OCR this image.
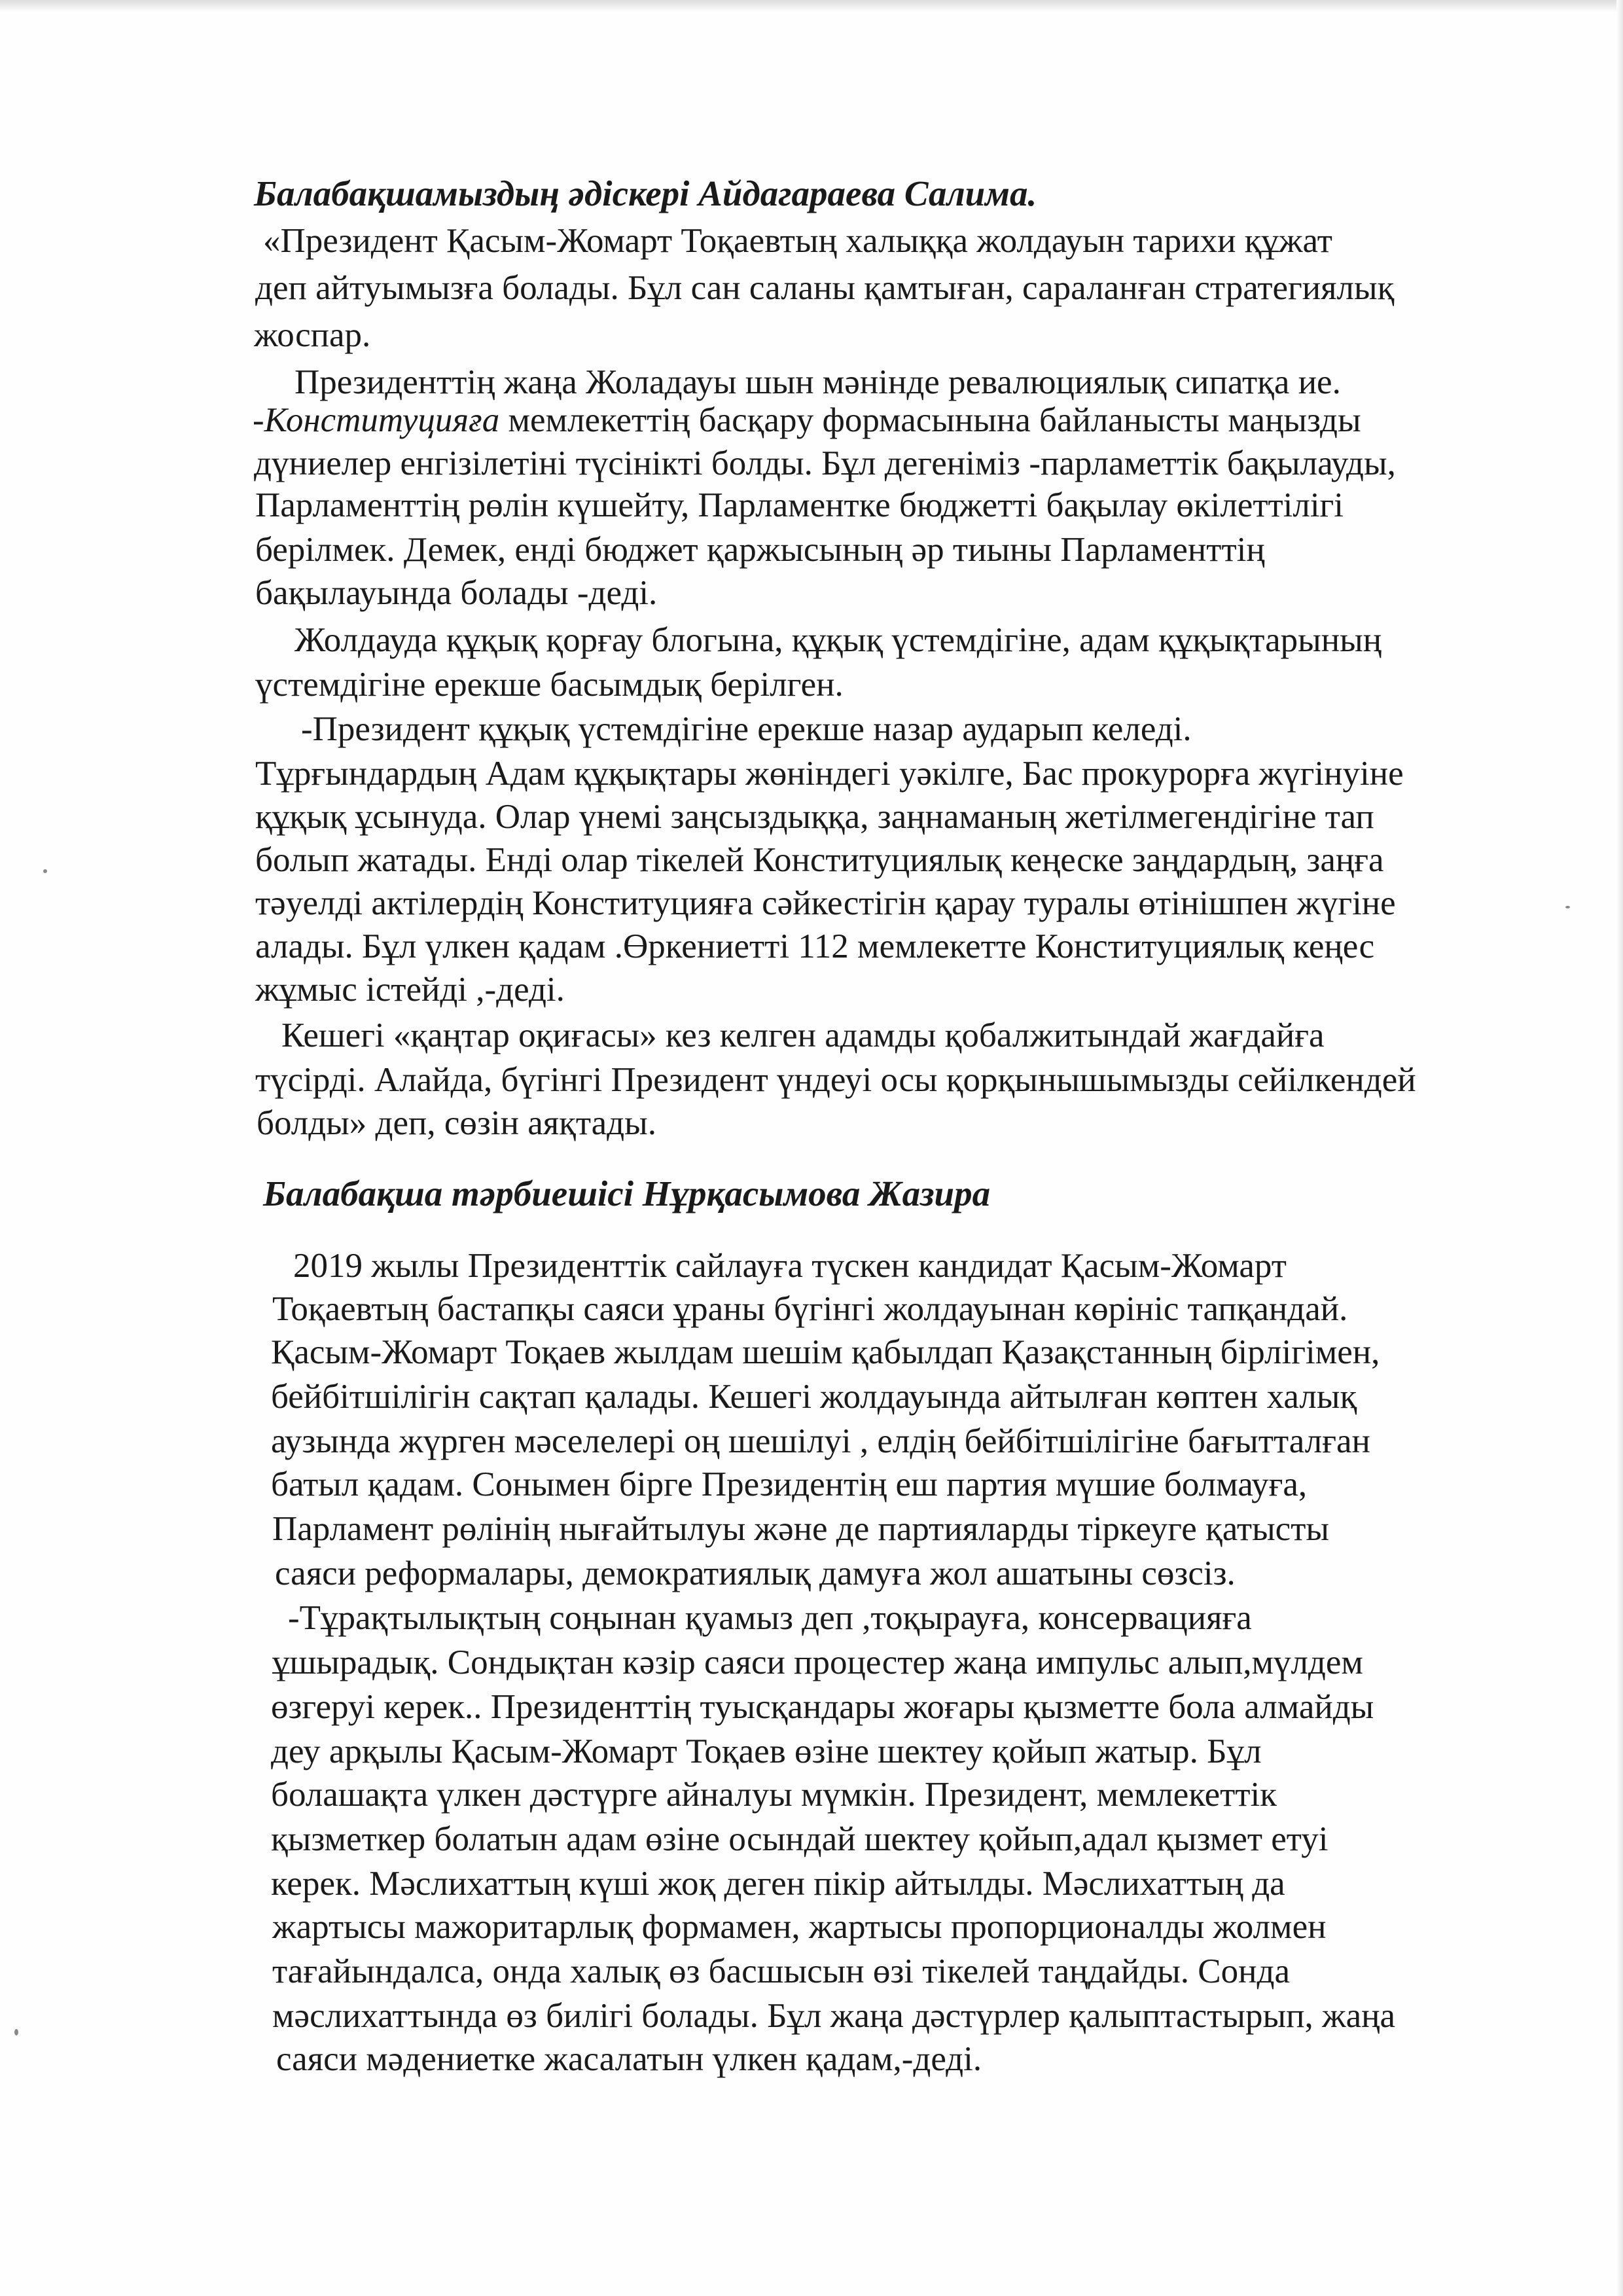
Балабақшамыздың әдіскері Айдагараева Салима.

«Президент Қасым-Жомарт Тоқаевтың халыққа жолдауын тарихи құжат

деп айтуымызға болады. Бұл сан саланы қамтыған, сараланған стратегиялық

жоспар.

Президенттің жаңа Жоладауы шын мәнінде ревалюциялық сипатқа ие.

-Конституцияға мемлекеттің басқару формасынына байланысты маңызды

дүниелер енгізілетіні түсінікті болды. Бұл дегеніміз -парламеттік бақылауды,

Парламенттің рөлін күшейту, Парламентке бюджетті бақылау өкілеттілігі

берілмек. Демек, енді бюджет қаржысының әр тиыны Парламенттің

бақылауында болады -деді.

Жолдауда құқық қорғау блогына, құқық үстемдігіне, адам құқықтарының

үстемдігіне ерекше басымдық берілген.

-Президент құқық үстемдігіне ерекше назар аударып келеді.

Тұрғындардың Адам құқықтары жөніндегі уәкілге, Бас прокурорға жүгінуіне

құқық ұсынуда. Олар үнемі заңсыздыққа, заңнаманың жетілмегендігіне тап

болып жатады. Енді олар тікелей Конституциялық кеңеске заңдардың, заңға

тәуелді актілердің Конституцияға сәйкестігін қарау туралы өтінішпен жүгіне

алады. Бұл үлкен қадам .Өркениетті 112 мемлекетте Конституциялық кеңес

жұмыс істейді ,-деді.

Кешегі «қаңтар оқиғасы» кез келген адамды қобалжитындай жағдайға

түсірді. Алайда, бүгінгі Президент үндеуі осы қорқынышымызды сейілкендей

болды» деп, сөзін аяқтады.

Балабақша тәрбиешісі Нұрқасымова Жазира

2019 жылы Президенттік сайлауға түскен кандидат Қасым-Жомарт

Тоқаевтың бастапқы саяси ұраны бүгінгі жолдауынан көрініс тапқандай.

Қасым-Жомарт Тоқаев жылдам шешім қабылдап Қазақстанның бірлігімен,

бейбітшілігін сақтап қалады. Кешегі жолдауында айтылған көптен халық

аузында жүрген мәселелері оң шешілуі , елдің бейбітшілігіне бағытталған

батыл қадам. Сонымен бірге Президентің еш партия мүшие болмауға,

Парламент рөлінің нығайтылуы және де партияларды тіркеуге қатысты

саяси реформалары, демократиялық дамуға жол ашатыны сөзсіз.

-Тұрақтылықтың соңынан қуамыз деп ,тоқырауға, консервацияға

ұшырадық. Сондықтан кәзір саяси процестер жаңа импульс алып,мүлдем

өзгеруі керек.. Президенттің туысқандары жоғары қызметте бола алмайды

деу арқылы Қасым-Жомарт Тоқаев өзіне шектеу қойып жатыр. Бұл

болашақта үлкен дәстүрге айналуы мүмкін. Президент, мемлекеттік

қызметкер болатын адам өзіне осындай шектеу қойып,адал қызмет етуі

керек. Мәслихаттың күші жоқ деген пікір айтылды. Мәслихаттың да

жартысы мажоритарлық формамен, жартысы пропорционалды жолмен

тағайындалса, онда халық өз басшысын өзі тікелей таңдайды. Сонда

мәслихаттында өз билігі болады. Бұл жаңа дәстүрлер қалыптастырып, жаңа

саяси мәдениетке жасалатын үлкен қадам,-деді.
